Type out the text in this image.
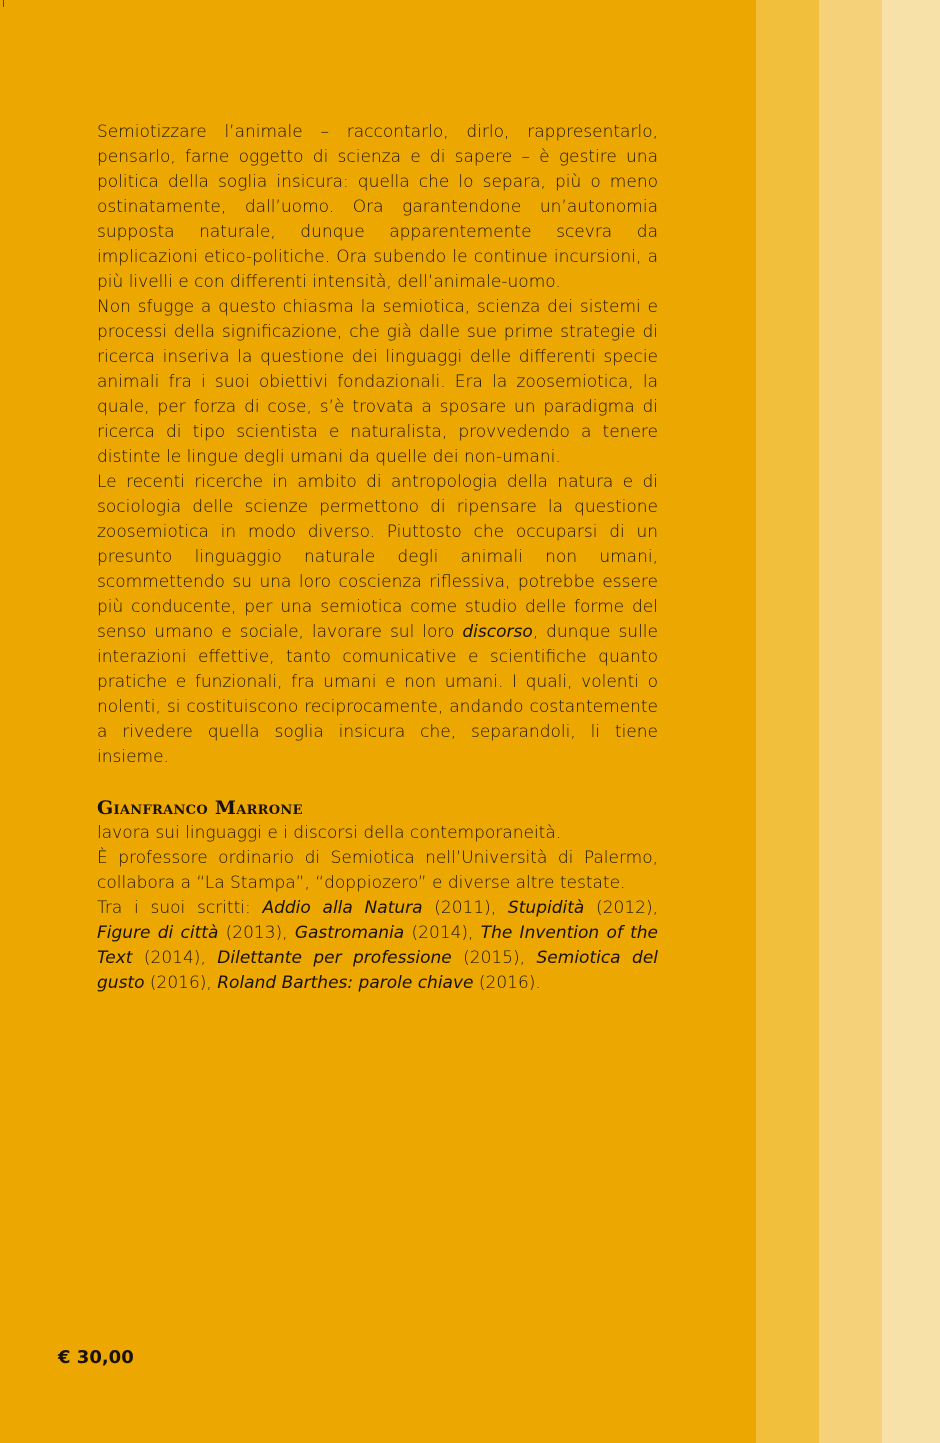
Semiotizzare l’animale – raccontarlo, dirlo, rappresentarlo, pensarlo, farne oggetto di scienza e di sapere – è gestire una politica della soglia insicura: quella che lo separa, più o meno ostinatamente, dall’uomo. Ora garantendone un’autonomia supposta naturale, dunque apparentemente scevra da implicazioni etico-politiche. Ora subendo le continue incursioni, a più livelli e con differenti intensità, dell’animale-uomo.

Non sfugge a questo chiasma la semiotica, scienza dei sistemi e processi della significazione, che già dalle sue prime strategie di ricerca inseriva la questione dei linguaggi delle differenti specie animali fra i suoi obiettivi fondazionali. Era la zoosemiotica, la quale, per forza di cose, s’è trovata a sposare un paradigma di ricerca di tipo scientista e naturalista, provvedendo a tenere distinte le lingue degli umani da quelle dei non-umani.

Le recenti ricerche in ambito di antropologia della natura e di sociologia delle scienze permettono di ripensare la questione zoosemiotica in modo diverso. Piuttosto che occuparsi di un presunto linguaggio naturale degli animali non umani, scommettendo su una loro coscienza riflessiva, potrebbe essere più conducente, per una semiotica come studio delle forme del senso umano e sociale, lavorare sul loro discorso, dunque sulle interazioni effettive, tanto comunicative e scientifiche quanto pratiche e funzionali, fra umani e non umani. I quali, volenti o nolenti, si costituiscono reciprocamente, andando costantemente a rivedere quella soglia insicura che, separandoli, li tiene insieme.

Gianfranco Marrone

lavora sui linguaggi e i discorsi della contemporaneità.

È professore ordinario di Semiotica nell’Università di Palermo, collabora a “La Stampa”, “doppiozero” e diverse altre testate.

Tra i suoi scritti: Addio alla Natura (2011), Stupidità (2012), Figure di città (2013), Gastromania (2014), The Invention of the Text (2014), Dilettante per professione (2015), Semiotica del gusto (2016), Roland Barthes: parole chiave (2016).

€ 30,00
